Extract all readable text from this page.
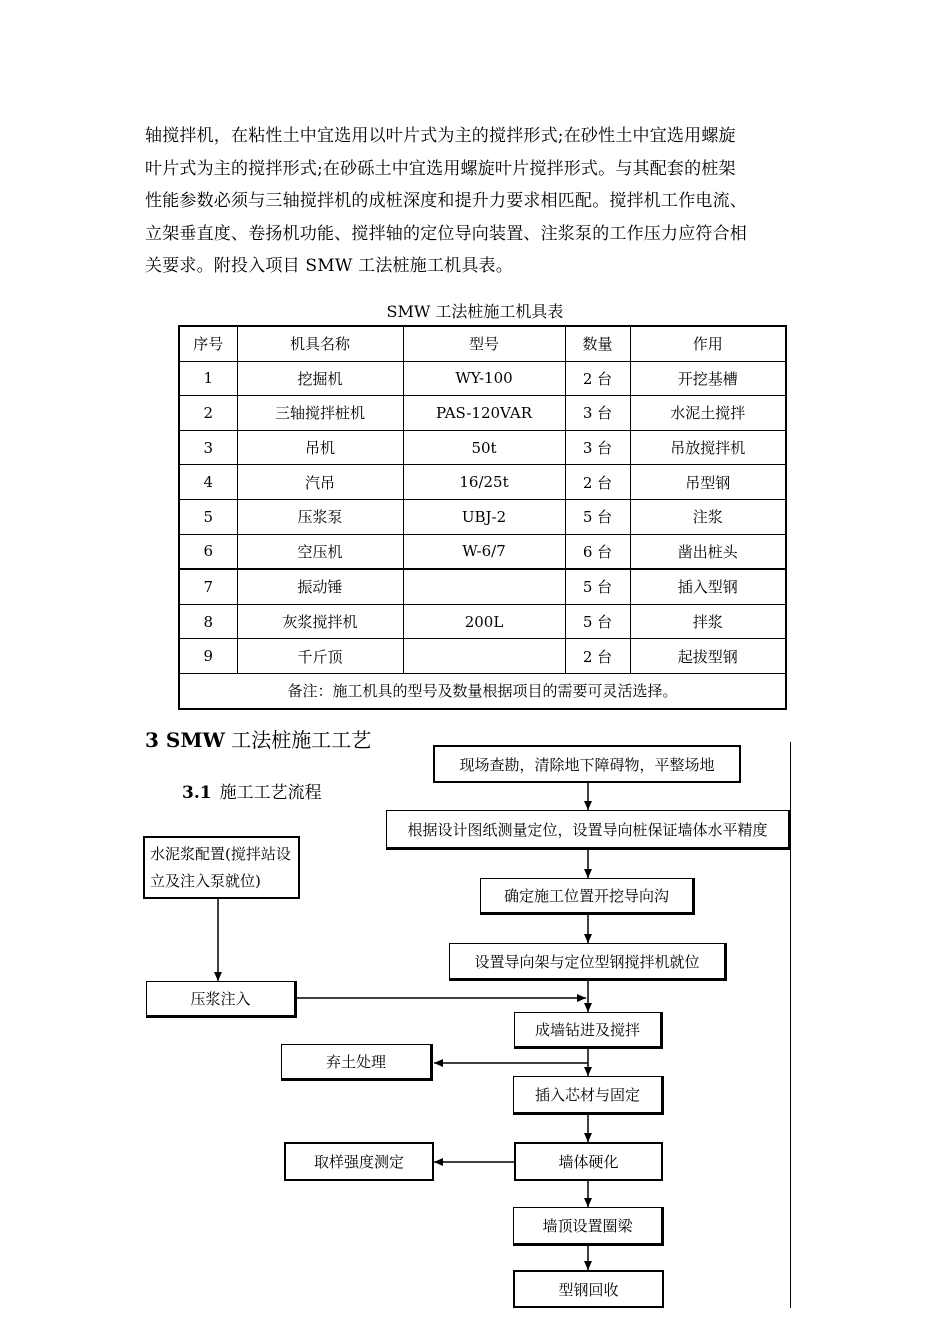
轴搅拌机，在粘性土中宜选用以叶片式为主的搅拌形式;在砂性土中宜选用螺旋
叶片式为主的搅拌形式;在砂砾土中宜选用螺旋叶片搅拌形式。与其配套的桩架
性能参数必须与三轴搅拌机的成桩深度和提升力要求相匹配。搅拌机工作电流、
立架垂直度、卷扬机功能、搅拌轴的定位导向装置、注浆泵的工作压力应符合相
关要求。附投入项目 SMW 工法桩施工机具表。
SMW 工法桩施工机具表
序号	机具名称	型号	数量	作用
1	挖掘机	WY-100	2 台	开挖基槽
2	三轴搅拌桩机	PAS-120VAR	3 台	水泥土搅拌
3	吊机	50t	3 台	吊放搅拌机
4	汽吊	16/25t	2 台	吊型钢
5	压浆泵	UBJ-2	5 台	注浆
6	空压机	W-6/7	6 台	凿出桩头
7	振动锤		5 台	插入型钢
8	灰浆搅拌机	200L	5 台	拌浆
9	千斤顶		2 台	起拔型钢
备注：施工机具的型号及数量根据项目的需要可灵活选择。				
3 SMW 工法桩施工工艺
3.1 施工工艺流程
现场查勘，清除地下障碍物，平整场地
根据设计图纸测量定位，设置导向桩保证墙体水平精度
确定施工位置开挖导向沟
设置导向架与定位型钢搅拌机就位
成墙钻进及搅拌
插入芯材与固定
墙体硬化
墙顶设置圈梁
型钢回收
水泥浆配置(搅拌站设立及注入泵就位)
压浆注入
弃土处理
取样强度测定
